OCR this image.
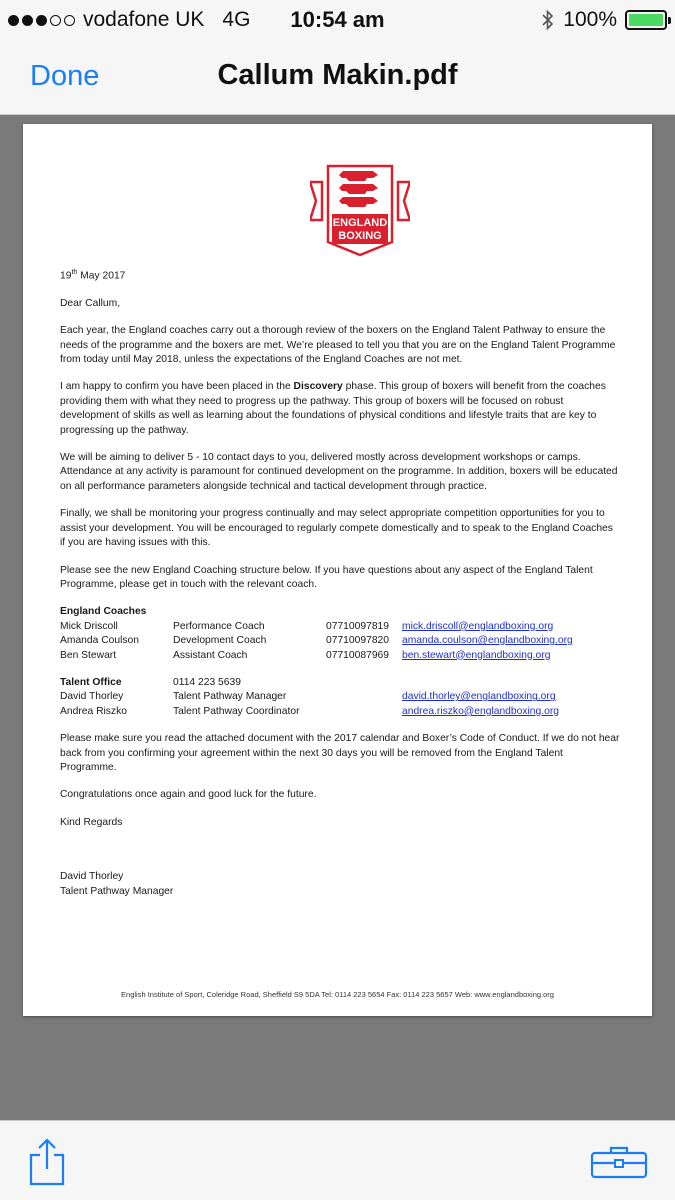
vodafone UK 4G	10:54 am	100%
Done	Callum Makin.pdf
ENGLAND
BOXING

19th May 2017

Dear Callum,

Each year, the England coaches carry out a thorough review of the boxers on the England Talent Pathway to ensure the needs of the programme and the boxers are met. We’re pleased to tell you that you are on the England Talent Programme from today until May 2018, unless the expectations of the England Coaches are not met.

I am happy to confirm you have been placed in the Discovery phase. This group of boxers will benefit from the coaches providing them with what they need to progress up the pathway. This group of boxers will be focused on robust development of skills as well as learning about the foundations of physical conditions and lifestyle traits that are key to progressing up the pathway.

We will be aiming to deliver 5 - 10 contact days to you, delivered mostly across development workshops or camps. Attendance at any activity is paramount for continued development on the programme. In addition, boxers will be educated on all performance parameters alongside technical and tactical development through practice.

Finally, we shall be monitoring your progress continually and may select appropriate competition opportunities for you to assist your development. You will be encouraged to regularly compete domestically and to speak to the England Coaches if you are having issues with this.

Please see the new England Coaching structure below. If you have questions about any aspect of the England Talent Programme, please get in touch with the relevant coach.

England Coaches			
Mick Driscoll	Performance Coach	07710097819	mick.driscoll@englandboxing.org
Amanda Coulson	Development Coach	07710097820	amanda.coulson@englandboxing.org
Ben Stewart	Assistant Coach	07710087969	ben.stewart@englandboxing.org
Talent Office	0114 223 5639		
David Thorley	Talent Pathway Manager		david.thorley@englandboxing.org
Andrea Riszko	Talent Pathway Coordinator		andrea.riszko@englandboxing.org

Please make sure you read the attached document with the 2017 calendar and Boxer’s Code of Conduct. If we do not hear back from you confirming your agreement within the next 30 days you will be removed from the England Talent Programme.

Congratulations once again and good luck for the future.

Kind Regards

David Thorley
Talent Pathway Manager
English Institute of Sport, Coleridge Road, Sheffield S9 5DA Tel: 0114 223 5654 Fax: 0114 223 5657 Web: www.englandboxing.org
